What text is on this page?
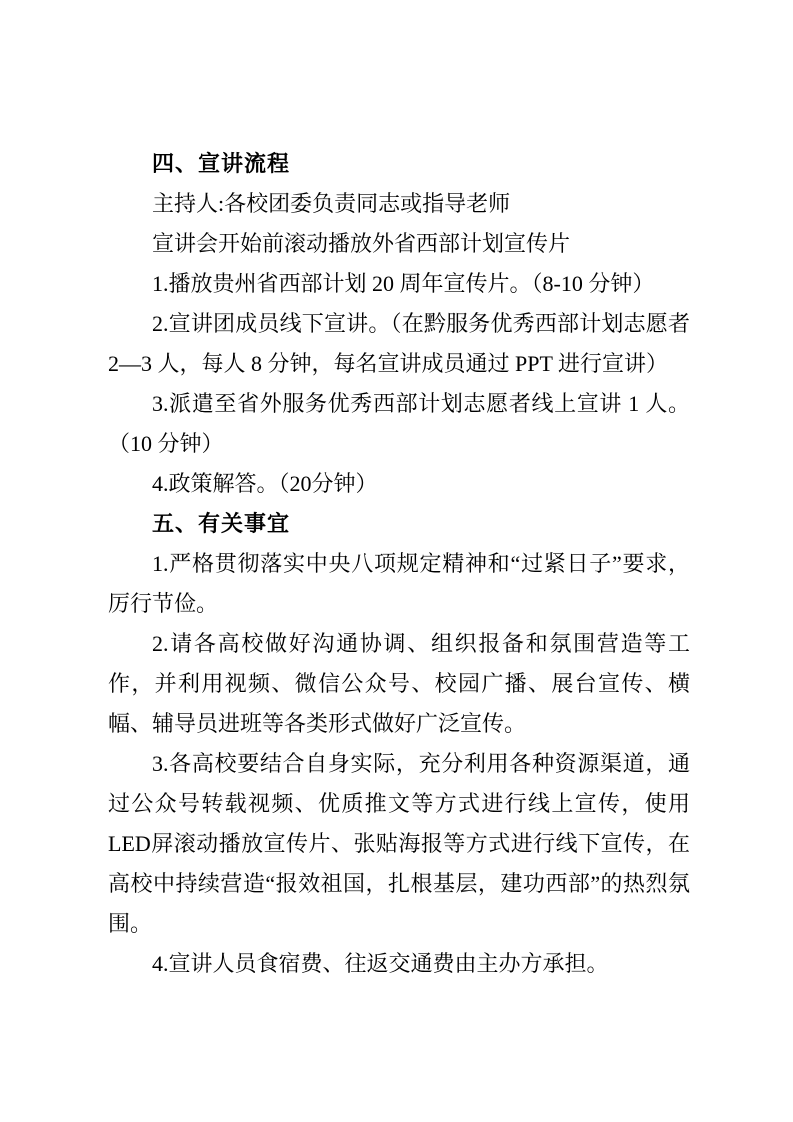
四、宣讲流程

主持人:各校团委负责同志或指导老师

宣讲会开始前滚动播放外省西部计划宣传片

1.播放贵州省西部计划 20 周年宣传片。（8-10 分钟）

2.宣讲团成员线下宣讲。（在黔服务优秀西部计划志愿者 2—3 人，每人 8 分钟，每名宣讲成员通过 PPT 进行宣讲）

3.派遣至省外服务优秀西部计划志愿者线上宣讲 1 人。（10 分钟）

4.政策解答。（20分钟）

五、有关事宜

1.严格贯彻落实中央八项规定精神和“过紧日子”要求，厉行节俭。

2.请各高校做好沟通协调、组织报备和氛围营造等工作，并利用视频、微信公众号、校园广播、展台宣传、横幅、辅导员进班等各类形式做好广泛宣传。

3.各高校要结合自身实际，充分利用各种资源渠道，通过公众号转载视频、优质推文等方式进行线上宣传，使用LED屏滚动播放宣传片、张贴海报等方式进行线下宣传，在高校中持续营造“报效祖国，扎根基层，建功西部”的热烈氛围。

4.宣讲人员食宿费、往返交通费由主办方承担。
